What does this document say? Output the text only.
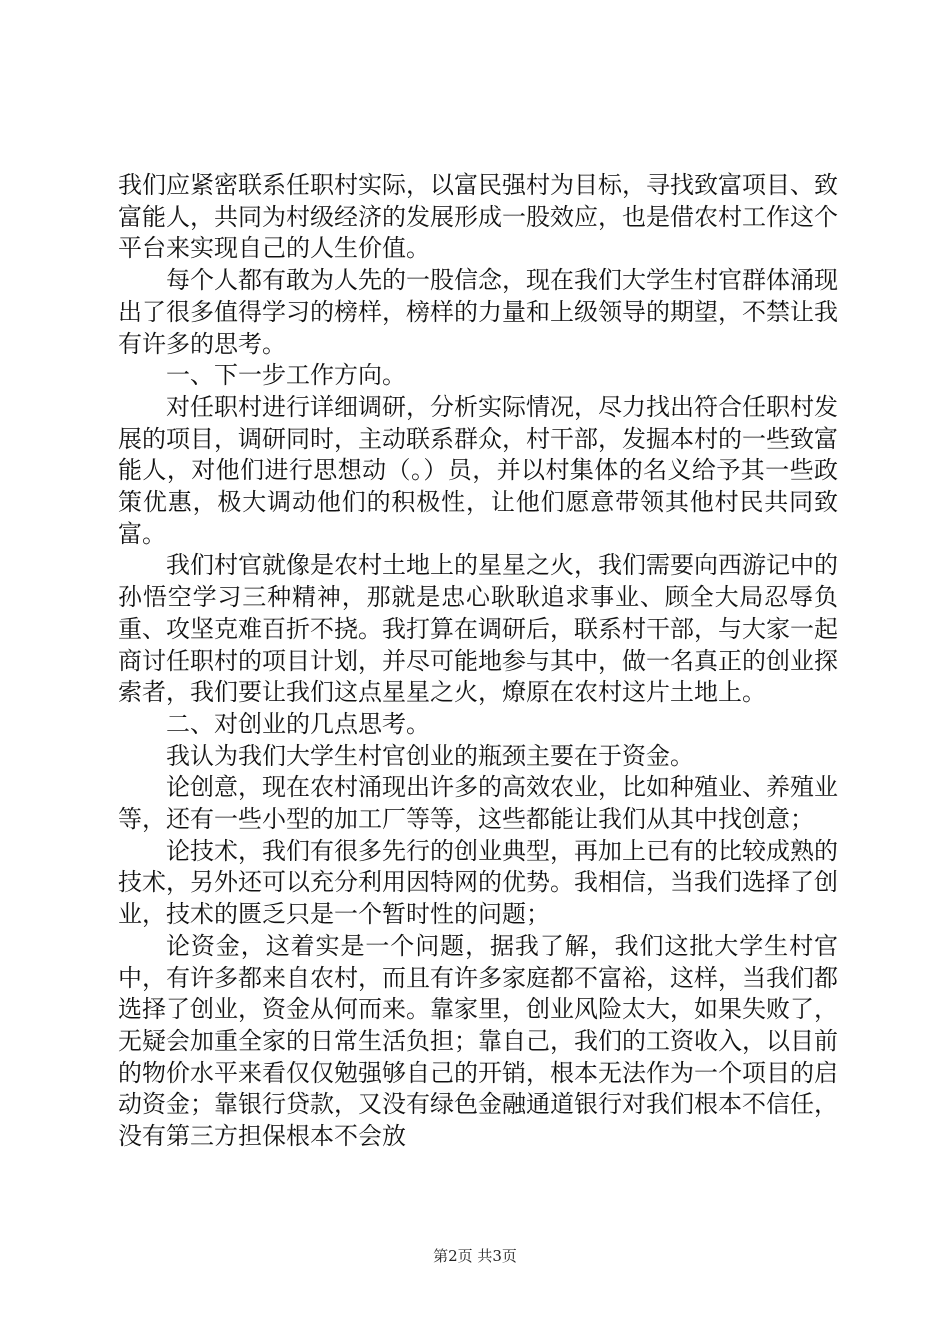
我们应紧密联系任职村实际，以富民强村为目标，寻找致富项目、致富能人，共同为村级经济的发展形成一股效应，也是借农村工作这个平台来实现自己的人生价值。

每个人都有敢为人先的一股信念，现在我们大学生村官群体涌现出了很多值得学习的榜样，榜样的力量和上级领导的期望，不禁让我有许多的思考。

一、下一步工作方向。

对任职村进行详细调研，分析实际情况，尽力找出符合任职村发展的项目，调研同时，主动联系群众，村干部，发掘本村的一些致富能人，对他们进行思想动（。）员，并以村集体的名义给予其一些政策优惠，极大调动他们的积极性，让他们愿意带领其他村民共同致富。

我们村官就像是农村土地上的星星之火，我们需要向西游记中的孙悟空学习三种精神，那就是忠心耿耿追求事业、顾全大局忍辱负重、攻坚克难百折不挠。我打算在调研后，联系村干部，与大家一起商讨任职村的项目计划，并尽可能地参与其中，做一名真正的创业探索者，我们要让我们这点星星之火，燎原在农村这片土地上。

二、对创业的几点思考。

我认为我们大学生村官创业的瓶颈主要在于资金。

论创意，现在农村涌现出许多的高效农业，比如种殖业、养殖业等，还有一些小型的加工厂等等，这些都能让我们从其中找创意；

论技术，我们有很多先行的创业典型，再加上已有的比较成熟的技术，另外还可以充分利用因特网的优势。我相信，当我们选择了创业，技术的匮乏只是一个暂时性的问题；

论资金，这着实是一个问题，据我了解，我们这批大学生村官中，有许多都来自农村，而且有许多家庭都不富裕，这样，当我们都选择了创业，资金从何而来。靠家里，创业风险太大，如果失败了，无疑会加重全家的日常生活负担；靠自己，我们的工资收入，以目前的物价水平来看仅仅勉强够自己的开销，根本无法作为一个项目的启动资金；靠银行贷款，又没有绿色金融通道银行对我们根本不信任，没有第三方担保根本不会放

第2页 共3页
